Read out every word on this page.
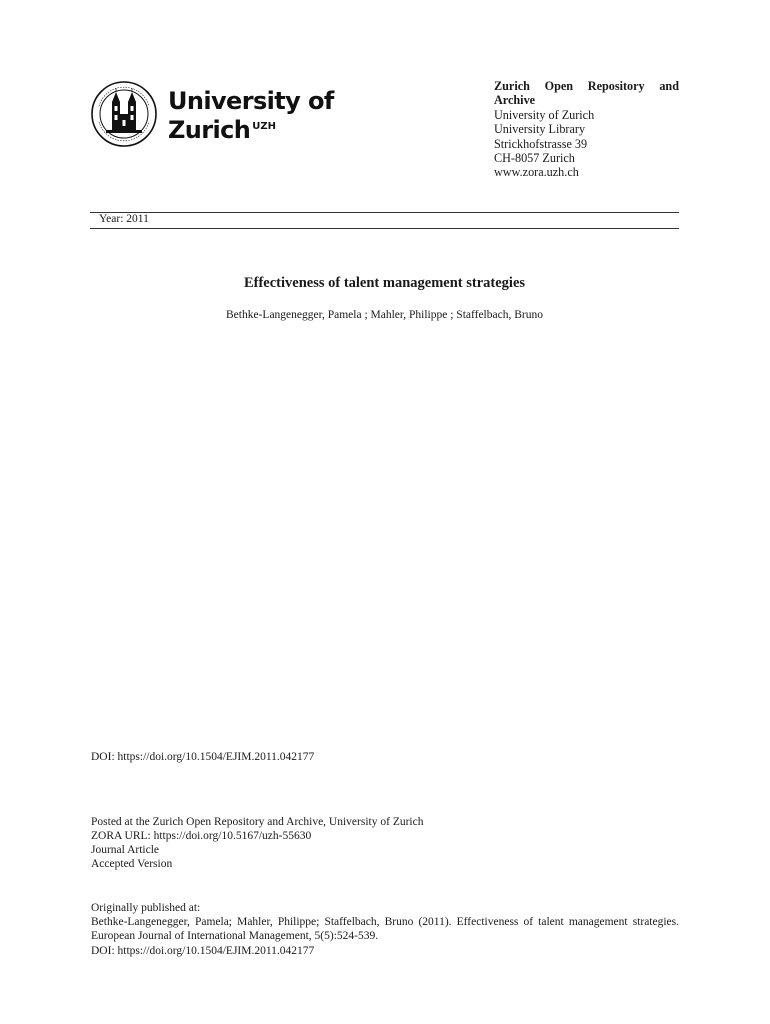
University of
Zurich $^{UZH}$
Zurich Open Repository and Archive
University of Zurich
University Library
Strickhofstrasse 39
CH-8057 Zurich
www.zora.uzh.ch
Year: 2011
Effectiveness of talent management strategies
Bethke-Langenegger, Pamela ; Mahler, Philippe ; Staffelbach, Bruno
DOI: https://doi.org/10.1504/EJIM.2011.042177
Posted at the Zurich Open Repository and Archive, University of Zurich
ZORA URL: https://doi.org/10.5167/uzh-55630
Journal Article
Accepted Version
Originally published at:
Bethke-Langenegger, Pamela; Mahler, Philippe; Staffelbach, Bruno (2011). Effectiveness of talent management strategies. European Journal of International Management, 5(5):524-539.
DOI: https://doi.org/10.1504/EJIM.2011.042177
